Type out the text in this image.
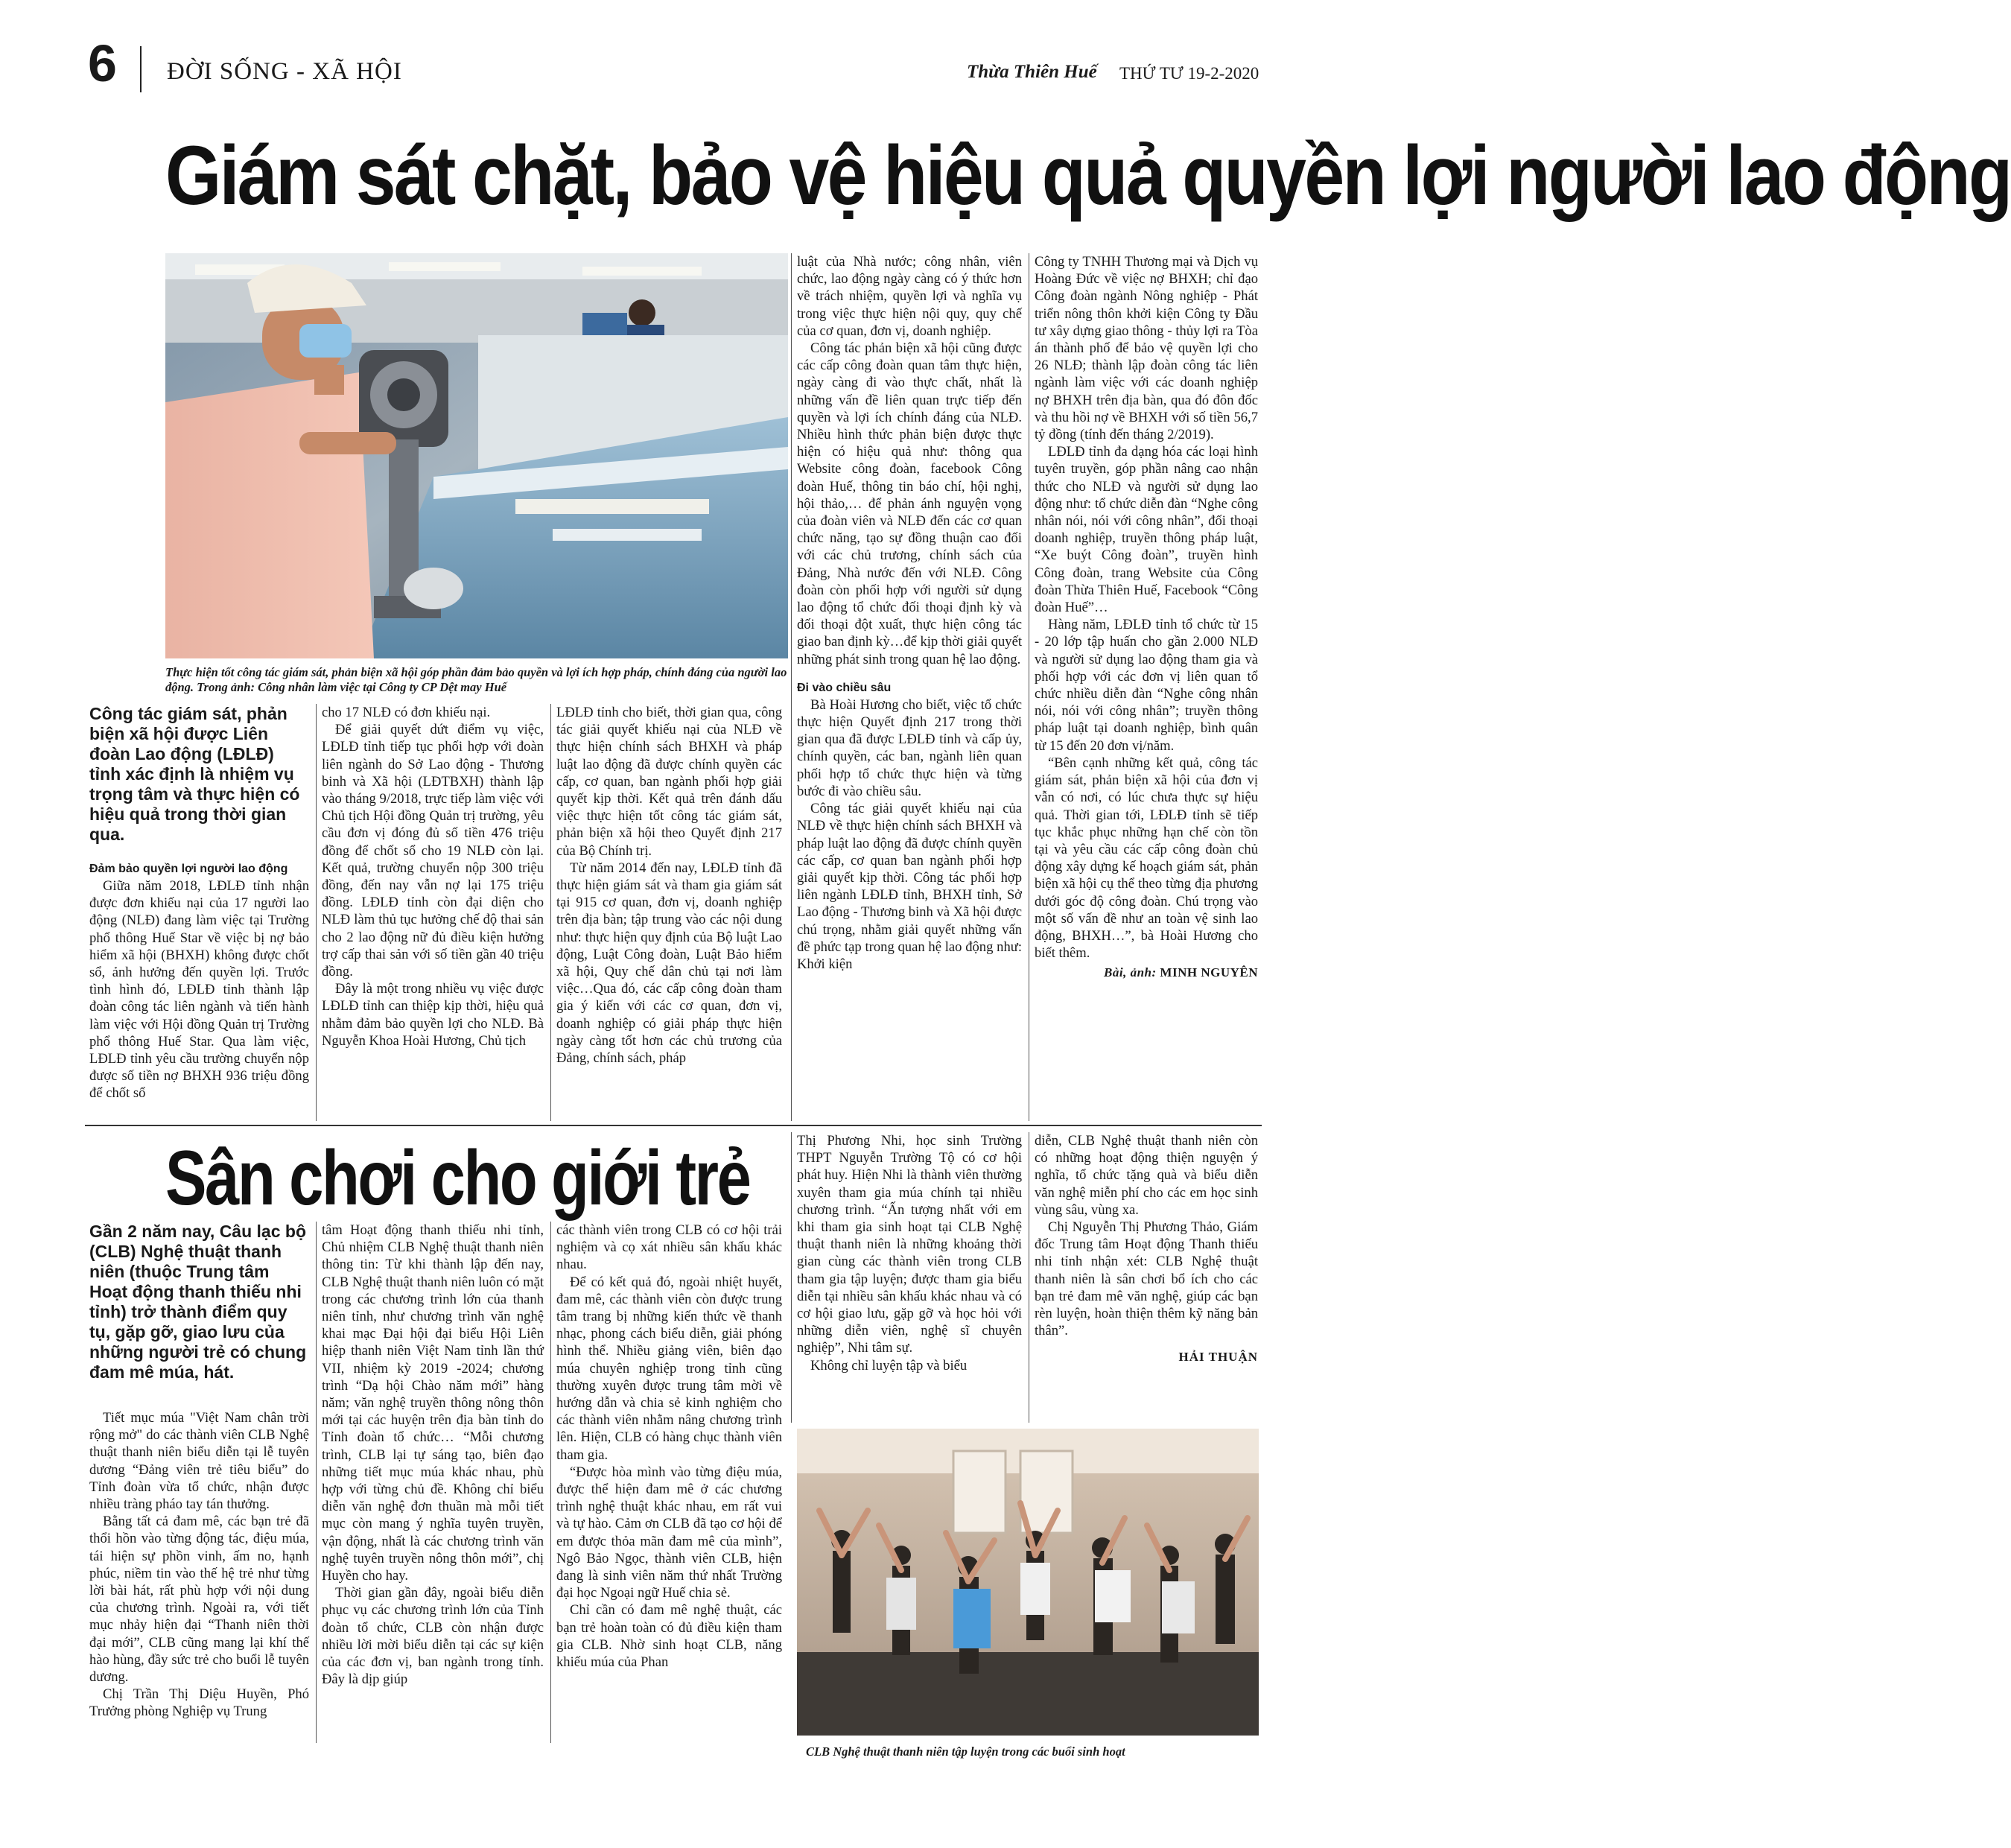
6 ĐỜI SỐNG - XÃ HỘI	Thừa Thiên Huế THỨ TƯ 19-2-2020
Giám sát chặt, bảo vệ hiệu quả quyền lợi người lao động
Thực hiện tốt công tác giám sát, phản biện xã hội góp phần đảm bảo quyền và lợi ích hợp pháp, chính đáng của người lao động. Trong ảnh: Công nhân làm việc tại Công ty CP Dệt may Huế

Công tác giám sát, phản biện xã hội được Liên đoàn Lao động (LĐLĐ) tỉnh xác định là nhiệm vụ trọng tâm và thực hiện có hiệu quả trong thời gian qua.

Đảm bảo quyền lợi người lao động

Giữa năm 2018, LĐLĐ tỉnh nhận được đơn khiếu nại của 17 người lao động (NLĐ) đang làm việc tại Trường phổ thông Huế Star về việc bị nợ bảo hiểm xã hội (BHXH) không được chốt sổ, ảnh hưởng đến quyền lợi. Trước tình hình đó, LĐLĐ tỉnh thành lập đoàn công tác liên ngành và tiến hành làm việc với Hội đồng Quản trị Trường phổ thông Huế Star. Qua làm việc, LĐLĐ tỉnh yêu cầu trường chuyển nộp được số tiền nợ BHXH 936 triệu đồng để chốt sổ

cho 17 NLĐ có đơn khiếu nại.

Để giải quyết dứt điểm vụ việc, LĐLĐ tỉnh tiếp tục phối hợp với đoàn liên ngành do Sở Lao động - Thương binh và Xã hội (LĐTBXH) thành lập vào tháng 9/2018, trực tiếp làm việc với Chủ tịch Hội đồng Quản trị trường, yêu cầu đơn vị đóng đủ số tiền 476 triệu đồng để chốt sổ cho 19 NLĐ còn lại. Kết quả, trường chuyển nộp 300 triệu đồng, đến nay vẫn nợ lại 175 triệu đồng. LĐLĐ tỉnh còn đại diện cho NLĐ làm thủ tục hưởng chế độ thai sản cho 2 lao động nữ đủ điều kiện hưởng trợ cấp thai sản với số tiền gần 40 triệu đồng.

Đây là một trong nhiều vụ việc được LĐLĐ tỉnh can thiệp kịp thời, hiệu quả nhằm đảm bảo quyền lợi cho NLĐ. Bà Nguyễn Khoa Hoài Hương, Chủ tịch

LĐLĐ tỉnh cho biết, thời gian qua, công tác giải quyết khiếu nại của NLĐ về thực hiện chính sách BHXH và pháp luật lao động đã được chính quyền các cấp, cơ quan, ban ngành phối hợp giải quyết kịp thời. Kết quả trên đánh dấu việc thực hiện tốt công tác giám sát, phản biện xã hội theo Quyết định 217 của Bộ Chính trị.

Từ năm 2014 đến nay, LĐLĐ tỉnh đã thực hiện giám sát và tham gia giám sát tại 915 cơ quan, đơn vị, doanh nghiệp trên địa bàn; tập trung vào các nội dung như: thực hiện quy định của Bộ luật Lao động, Luật Công đoàn, Luật Bảo hiểm xã hội, Quy chế dân chủ tại nơi làm việc…Qua đó, các cấp công đoàn tham gia ý kiến với các cơ quan, đơn vị, doanh nghiệp có giải pháp thực hiện ngày càng tốt hơn các chủ trương của Đảng, chính sách, pháp

luật của Nhà nước; công nhân, viên chức, lao động ngày càng có ý thức hơn về trách nhiệm, quyền lợi và nghĩa vụ trong việc thực hiện nội quy, quy chế của cơ quan, đơn vị, doanh nghiệp.

Công tác phản biện xã hội cũng được các cấp công đoàn quan tâm thực hiện, ngày càng đi vào thực chất, nhất là những vấn đề liên quan trực tiếp đến quyền và lợi ích chính đáng của NLĐ. Nhiều hình thức phản biện được thực hiện có hiệu quả như: thông qua Website công đoàn, facebook Công đoàn Huế, thông tin báo chí, hội nghị, hội thảo,… để phản ánh nguyện vọng của đoàn viên và NLĐ đến các cơ quan chức năng, tạo sự đồng thuận cao đối với các chủ trương, chính sách của Đảng, Nhà nước đến với NLĐ. Công đoàn còn phối hợp với người sử dụng lao động tổ chức đối thoại định kỳ và đối thoại đột xuất, thực hiện công tác giao ban định kỳ…để kịp thời giải quyết những phát sinh trong quan hệ lao động.

Đi vào chiều sâu

Bà Hoài Hương cho biết, việc tổ chức thực hiện Quyết định 217 trong thời gian qua đã được LĐLĐ tỉnh và cấp ủy, chính quyền, các ban, ngành liên quan phối hợp tổ chức thực hiện và từng bước đi vào chiều sâu.

Công tác giải quyết khiếu nại của NLĐ về thực hiện chính sách BHXH và pháp luật lao động đã được chính quyền các cấp, cơ quan ban ngành phối hợp giải quyết kịp thời. Công tác phối hợp liên ngành LĐLĐ tỉnh, BHXH tỉnh, Sở Lao động - Thương binh và Xã hội được chú trọng, nhằm giải quyết những vấn đề phức tạp trong quan hệ lao động như: Khởi kiện

Công ty TNHH Thương mại và Dịch vụ Hoàng Đức về việc nợ BHXH; chỉ đạo Công đoàn ngành Nông nghiệp - Phát triển nông thôn khởi kiện Công ty Đầu tư xây dựng giao thông - thủy lợi ra Tòa án thành phố để bảo vệ quyền lợi cho 26 NLĐ; thành lập đoàn công tác liên ngành làm việc với các doanh nghiệp nợ BHXH trên địa bàn, qua đó đôn đốc và thu hồi nợ về BHXH với số tiền 56,7 tỷ đồng (tính đến tháng 2/2019).

LĐLĐ tỉnh đa dạng hóa các loại hình tuyên truyền, góp phần nâng cao nhận thức cho NLĐ và người sử dụng lao động như: tổ chức diễn đàn “Nghe công nhân nói, nói với công nhân”, đối thoại doanh nghiệp, truyền thông pháp luật, “Xe buýt Công đoàn”, truyền hình Công đoàn, trang Website của Công đoàn Thừa Thiên Huế, Facebook “Công đoàn Huế”…

Hàng năm, LĐLĐ tỉnh tổ chức từ 15 - 20 lớp tập huấn cho gần 2.000 NLĐ và người sử dụng lao động tham gia và phối hợp với các đơn vị liên quan tổ chức nhiều diễn đàn “Nghe công nhân nói, nói với công nhân”; truyền thông pháp luật tại doanh nghiệp, bình quân từ 15 đến 20 đơn vị/năm.

“Bên cạnh những kết quả, công tác giám sát, phản biện xã hội của đơn vị vẫn có nơi, có lúc chưa thực sự hiệu quả. Thời gian tới, LĐLĐ tỉnh sẽ tiếp tục khắc phục những hạn chế còn tồn tại và yêu cầu các cấp công đoàn chủ động xây dựng kế hoạch giám sát, phản biện xã hội cụ thể theo từng địa phương dưới góc độ công đoàn. Chú trọng vào một số vấn đề như an toàn vệ sinh lao động, BHXH…”, bà Hoài Hương cho biết thêm.

Bài, ảnh: MINH NGUYÊN

Sân chơi cho giới trẻ

Gần 2 năm nay, Câu lạc bộ (CLB) Nghệ thuật thanh niên (thuộc Trung tâm Hoạt động thanh thiếu nhi tỉnh) trở thành điểm quy tụ, gặp gỡ, giao lưu của những người trẻ có chung đam mê múa, hát.

Tiết mục múa "Việt Nam chân trời rộng mở" do các thành viên CLB Nghệ thuật thanh niên biểu diễn tại lễ tuyên dương “Đảng viên trẻ tiêu biểu” do Tỉnh đoàn vừa tổ chức, nhận được nhiều tràng pháo tay tán thưởng.

Bằng tất cả đam mê, các bạn trẻ đã thổi hồn vào từng động tác, điệu múa, tái hiện sự phồn vinh, ấm no, hạnh phúc, niềm tin vào thế hệ trẻ như từng lời bài hát, rất phù hợp với nội dung của chương trình. Ngoài ra, với tiết mục nhảy hiện đại “Thanh niên thời đại mới”, CLB cũng mang lại khí thế hào hùng, đầy sức trẻ cho buổi lễ tuyên dương.

Chị Trần Thị Diệu Huyền, Phó Trưởng phòng Nghiệp vụ Trung

tâm Hoạt động thanh thiếu nhi tỉnh, Chủ nhiệm CLB Nghệ thuật thanh niên thông tin: Từ khi thành lập đến nay, CLB Nghệ thuật thanh niên luôn có mặt trong các chương trình lớn của thanh niên tỉnh, như chương trình văn nghệ khai mạc Đại hội đại biểu Hội Liên hiệp thanh niên Việt Nam tỉnh lần thứ VII, nhiệm kỳ 2019 -2024; chương trình “Dạ hội Chào năm mới” hàng năm; văn nghệ truyền thông nông thôn mới tại các huyện trên địa bàn tỉnh do Tỉnh đoàn tổ chức… “Mỗi chương trình, CLB lại tự sáng tạo, biên đạo những tiết mục múa khác nhau, phù hợp với từng chủ đề. Không chỉ biểu diễn văn nghệ đơn thuần mà mỗi tiết mục còn mang ý nghĩa tuyên truyền, vận động, nhất là các chương trình văn nghệ tuyên truyền nông thôn mới”, chị Huyền cho hay.

Thời gian gần đây, ngoài biểu diễn phục vụ các chương trình lớn của Tỉnh đoàn tổ chức, CLB còn nhận được nhiều lời mời biểu diễn tại các sự kiện của các đơn vị, ban ngành trong tỉnh. Đây là dịp giúp

các thành viên trong CLB có cơ hội trải nghiệm và cọ xát nhiều sân khấu khác nhau.

Để có kết quả đó, ngoài nhiệt huyết, đam mê, các thành viên còn được trung tâm trang bị những kiến thức về thanh nhạc, phong cách biểu diễn, giải phóng hình thể. Nhiều giảng viên, biên đạo múa chuyên nghiệp trong tỉnh cũng thường xuyên được trung tâm mời về hướng dẫn và chia sẻ kinh nghiệm cho các thành viên nhằm nâng chương trình lên. Hiện, CLB có hàng chục thành viên tham gia.

“Được hòa mình vào từng điệu múa, được thể hiện đam mê ở các chương trình nghệ thuật khác nhau, em rất vui và tự hào. Cảm ơn CLB đã tạo cơ hội để em được thỏa mãn đam mê của mình”, Ngô Bảo Ngọc, thành viên CLB, hiện đang là sinh viên năm thứ nhất Trường đại học Ngoại ngữ Huế chia sẻ.

Chỉ cần có đam mê nghệ thuật, các bạn trẻ hoàn toàn có đủ điều kiện tham gia CLB. Nhờ sinh hoạt CLB, năng khiếu múa của Phan

Thị Phương Nhi, học sinh Trường THPT Nguyễn Trường Tộ có cơ hội phát huy. Hiện Nhi là thành viên thường xuyên tham gia múa chính tại nhiều chương trình. “Ấn tượng nhất với em khi tham gia sinh hoạt tại CLB Nghệ thuật thanh niên là những khoảng thời gian cùng các thành viên trong CLB tham gia tập luyện; được tham gia biểu diễn tại nhiều sân khấu khác nhau và có cơ hội giao lưu, gặp gỡ và học hỏi với những diễn viên, nghệ sĩ chuyên nghiệp”, Nhi tâm sự.

Không chỉ luyện tập và biểu

diễn, CLB Nghệ thuật thanh niên còn có những hoạt động thiện nguyện ý nghĩa, tổ chức tặng quà và biểu diễn văn nghệ miễn phí cho các em học sinh vùng sâu, vùng xa.

Chị Nguyễn Thị Phương Thảo, Giám đốc Trung tâm Hoạt động Thanh thiếu nhi tỉnh nhận xét: CLB Nghệ thuật thanh niên là sân chơi bổ ích cho các bạn trẻ đam mê văn nghệ, giúp các bạn rèn luyện, hoàn thiện thêm kỹ năng bản thân”.

HẢI THUẬN

CLB Nghệ thuật thanh niên tập luyện trong các buổi sinh hoạt
